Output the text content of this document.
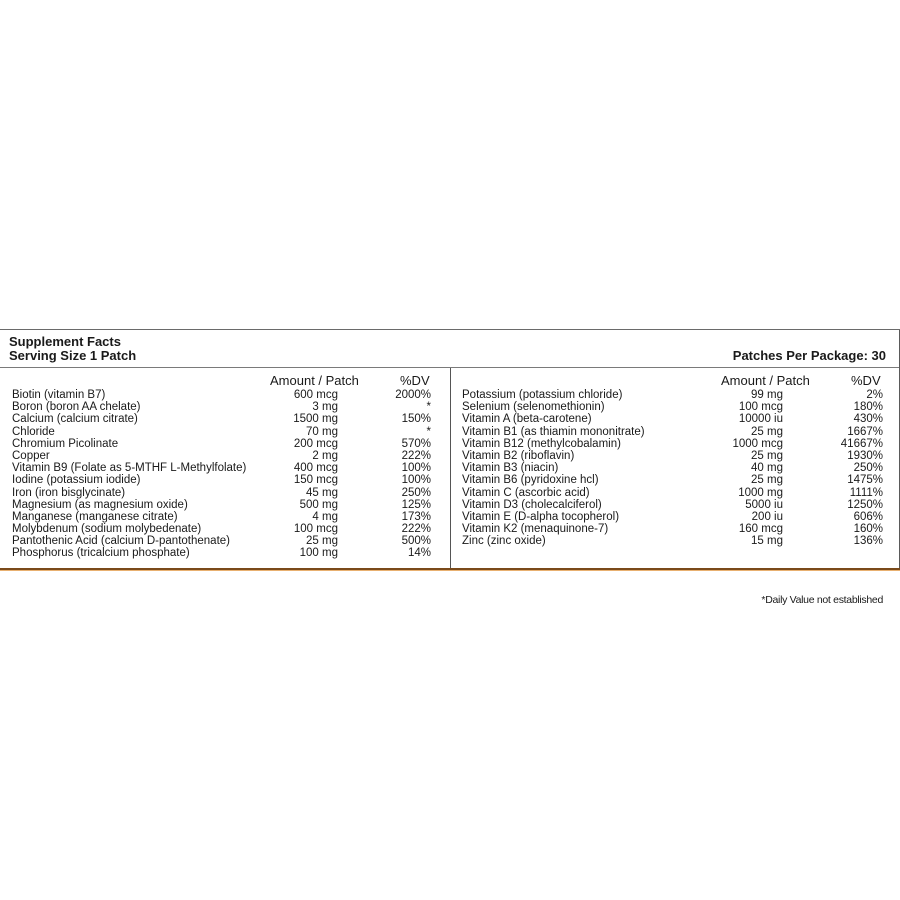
Supplement Facts
Serving Size 1 Patch	Patches Per Package: 30
Amount / Patch	%DV
Biotin (vitamin B7)	600 mcg	2000%
Boron (boron AA chelate)	3 mg	*
Calcium (calcium citrate)	1500 mg	150%
Chloride	70 mg	*
Chromium Picolinate	200 mcg	570%
Copper	2 mg	222%
Vitamin B9 (Folate as 5-MTHF L-Methylfolate)	400 mcg	100%
Iodine (potassium iodide)	150 mcg	100%
Iron (iron bisglycinate)	45 mg	250%
Magnesium (as magnesium oxide)	500 mg	125%
Manganese (manganese citrate)	4 mg	173%
Molybdenum (sodium molybedenate)	100 mcg	222%
Pantothenic Acid (calcium D-pantothenate)	25 mg	500%
Phosphorus (tricalcium phosphate)	100 mg	14%
Amount / Patch	%DV
Potassium (potassium chloride)	99 mg	2%
Selenium (selenomethionin)	100 mcg	180%
Vitamin A (beta-carotene)	10000 iu	430%
Vitamin B1 (as thiamin mononitrate)	25 mg	1667%
Vitamin B12 (methylcobalamin)	1000 mcg	41667%
Vitamin B2 (riboflavin)	25 mg	1930%
Vitamin B3 (niacin)	40 mg	250%
Vitamin B6 (pyridoxine hcl)	25 mg	1475%
Vitamin C (ascorbic acid)	1000 mg	1111%
Vitamin D3 (cholecalciferol)	5000 iu	1250%
Vitamin E (D-alpha tocopherol)	200 iu	606%
Vitamin K2 (menaquinone-7)	160 mcg	160%
Zinc (zinc oxide)	15 mg	136%
*Daily Value not established
